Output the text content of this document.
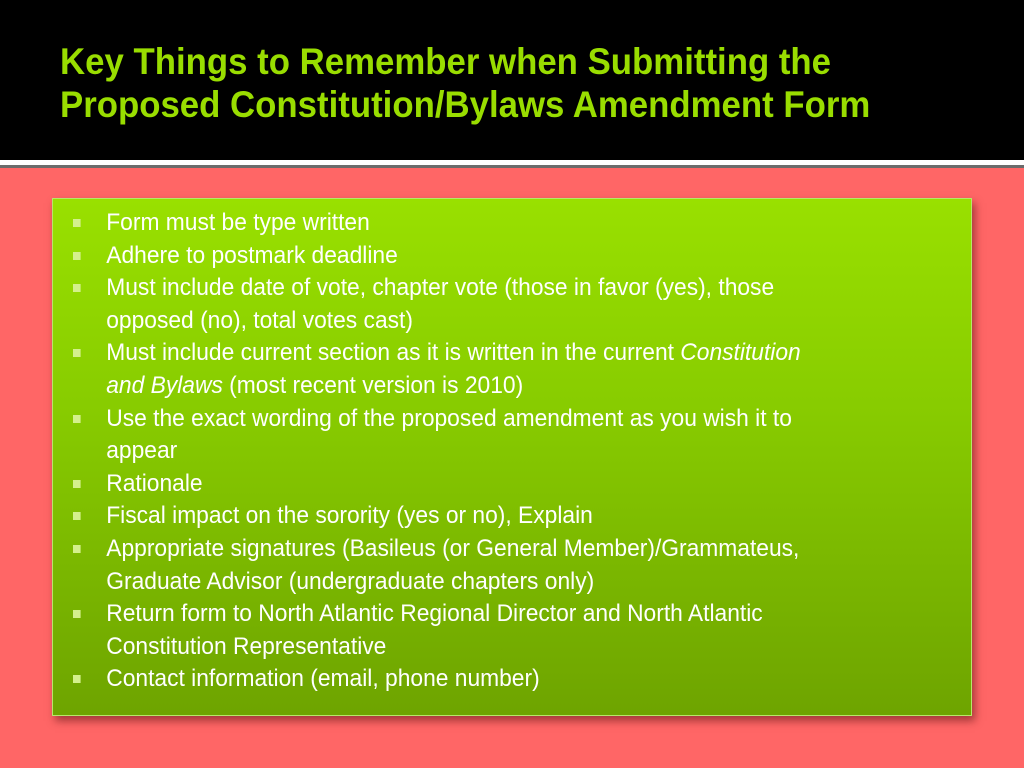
Key Things to Remember when Submitting the
Proposed Constitution/Bylaws Amendment Form
Form must be type written
Adhere to postmark deadline
Must include date of vote, chapter vote (those in favor (yes), those
opposed (no), total votes cast)
Must include current section as it is written in the current Constitution
and Bylaws (most recent version is 2010)
Use the exact wording of the proposed amendment as you wish it to
appear
Rationale
Fiscal impact on the sorority (yes or no), Explain
Appropriate signatures (Basileus (or General Member)/Grammateus,
Graduate Advisor (undergraduate chapters only)
Return form to North Atlantic Regional Director and North Atlantic
Constitution Representative
Contact information (email, phone number)
